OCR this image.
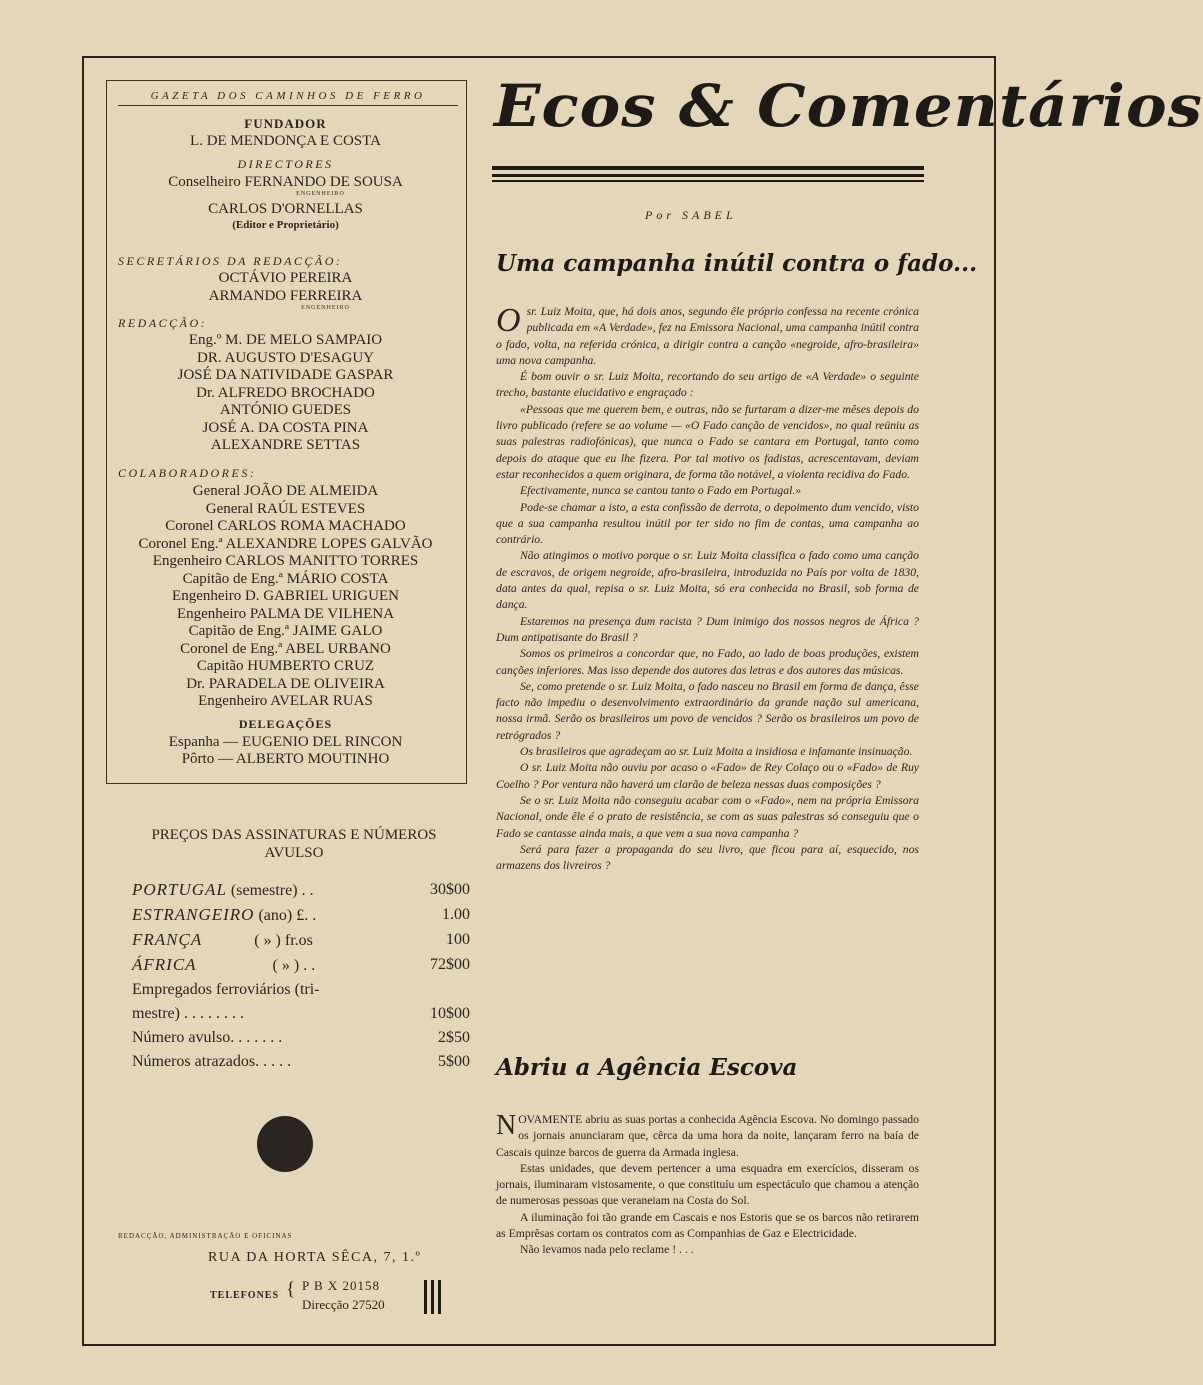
GAZETA DOS CAMINHOS DE FERRO
FUNDADOR
L. DE MENDONÇA E COSTA
DIRECTORES
Conselheiro FERNANDO DE SOUSA
ENGENHEIRO
CARLOS D'ORNELLAS
(Editor e Proprietário)
SECRETÁRIOS DA REDACÇÃO:
OCTÁVIO PEREIRA
ARMANDO FERREIRA
ENGENHEIRO
REDACÇÃO:
Eng.º M. DE MELO SAMPAIO
DR. AUGUSTO D'ESAGUY
JOSÉ DA NATIVIDADE GASPAR
Dr. ALFREDO BROCHADO
ANTÓNIO GUEDES
JOSÉ A. DA COSTA PINA
ALEXANDRE SETTAS
COLABORADORES:
General JOÃO DE ALMEIDA
General RAÚL ESTEVES
Coronel CARLOS ROMA MACHADO
Coronel Eng.ª ALEXANDRE LOPES GALVÃO
Engenheiro CARLOS MANITTO TORRES
Capitão de Eng.ª MÁRIO COSTA
Engenheiro D. GABRIEL URIGUEN
Engenheiro PALMA DE VILHENA
Capitão de Eng.ª JAIME GALO
Coronel de Eng.ª ABEL URBANO
Capitão HUMBERTO CRUZ
Dr. PARADELA DE OLIVEIRA
Engenheiro AVELAR RUAS
DELEGAÇÕES
Espanha — EUGENIO DEL RINCON
Pôrto — ALBERTO MOUTINHO
PREÇOS DAS ASSINATURAS E NÚMEROS
AVULSO
PORTUGAL (semestre) . .	30$00
ESTRANGEIRO (ano) £. .	1.00
FRANÇA	( » ) fr.os	100
ÁFRICA	( » ) . .	72$00
Empregados ferroviários (tri-
mestre) . . . . . . . .	10$00
Número avulso. . . . . . .	2$50
Números atrazados. . . . .	5$00
REDACÇÃO, ADMINISTRAÇÃO E OFICINAS
RUA DA HORTA SÊCA, 7, 1.º
TELEFONES { P B X 20158
Direcção 27520
Ecos & Comentários
Por SABEL
Uma campanha inútil contra o fado...

Osr. Luiz Moita, que, há dois anos, segundo êle próprio confessa na recente crónica publicada em «A Verdade», fez na Emissora Nacional, uma campanha inútil contra o fado, volta, na referida crónica, a dirigir contra a canção «negroide, afro-brasileira» uma nova campanha.

É bom ouvir o sr. Luiz Moita, recortando do seu artigo de «A Verdade» o seguinte trecho, bastante elucidativo e engraçado :

«Pessoas que me querem bem, e outras, não se furtaram a dizer-me mêses depois do livro publicado (refere se ao volume — «O Fado canção de vencidos», no qual reüniu as suas palestras radiofónicas), que nunca o Fado se cantara em Portugal, tanto como depois do ataque que eu lhe fizera. Por tal motivo os fadistas, acrescentavam, deviam estar reconhecidos a quem originara, de forma tão notável, a violenta recidiva do Fado.

Efectivamente, nunca se cantou tanto o Fado em Portugal.»

Pode-se chamar a isto, a esta confissão de derrota, o depoimento dum vencido, visto que a sua campanha resultou inútil por ter sido no fim de contas, uma campanha ao contrário.

Não atingimos o motivo porque o sr. Luiz Moita classifica o fado como uma canção de escravos, de origem negroide, afro-brasileira, introduzida no País por volta de 1830, data antes da qual, repisa o sr. Luiz Moita, só era conhecida no Brasil, sob forma de dança.

Estaremos na presença dum racista ? Dum inimigo dos nossos negros de África ? Dum antipatisante do Brasil ?

Somos os primeiros a concordar que, no Fado, ao lado de boas produções, existem canções inferiores. Mas isso depende dos autores das letras e dos autores das músicas.

Se, como pretende o sr. Luiz Moita, o fado nasceu no Brasil em forma de dança, êsse facto não impediu o desenvolvimento extraordinário da grande nação sul americana, nossa irmã. Serão os brasileiros um povo de vencidos ? Serão os brasileiros um povo de retrógrados ?

Os brasileiros que agradeçam ao sr. Luiz Moita a insidiosa e infamante insinuação.

O sr. Luiz Moita não ouviu por acaso o «Fado» de Rey Colaço ou o «Fado» de Ruy Coelho ? Por ventura não haverá um clarão de beleza nessas duas composições ?

Se o sr. Luiz Moita não conseguiu acabar com o «Fado», nem na própria Emissora Nacional, onde êle é o prato de resistência, se com as suas palestras só conseguiu que o Fado se cantasse ainda mais, a que vem a sua nova campanha ?

Será para fazer a propaganda do seu livro, que ficou para aí, esquecido, nos armazens dos livreiros ?

Abriu a Agência Escova

NOVAMENTE abriu as suas portas a conhecida Agência Escova. No domingo passado os jornais anunciaram que, cêrca da uma hora da noite, lançaram ferro na baía de Cascais quinze barcos de guerra da Armada inglesa.

Estas unidades, que devem pertencer a uma esquadra em exercícios, disseram os jornais, iluminaram vistosamente, o que constituíu um espectáculo que chamou a atenção de numerosas pessoas que veraneiam na Costa do Sol.

A iluminação foi tão grande em Cascais e nos Estoris que se os barcos não retirarem as Emprêsas cortam os contratos com as Companhias de Gaz e Electricidade.

Não levamos nada pelo reclame ! . . .
